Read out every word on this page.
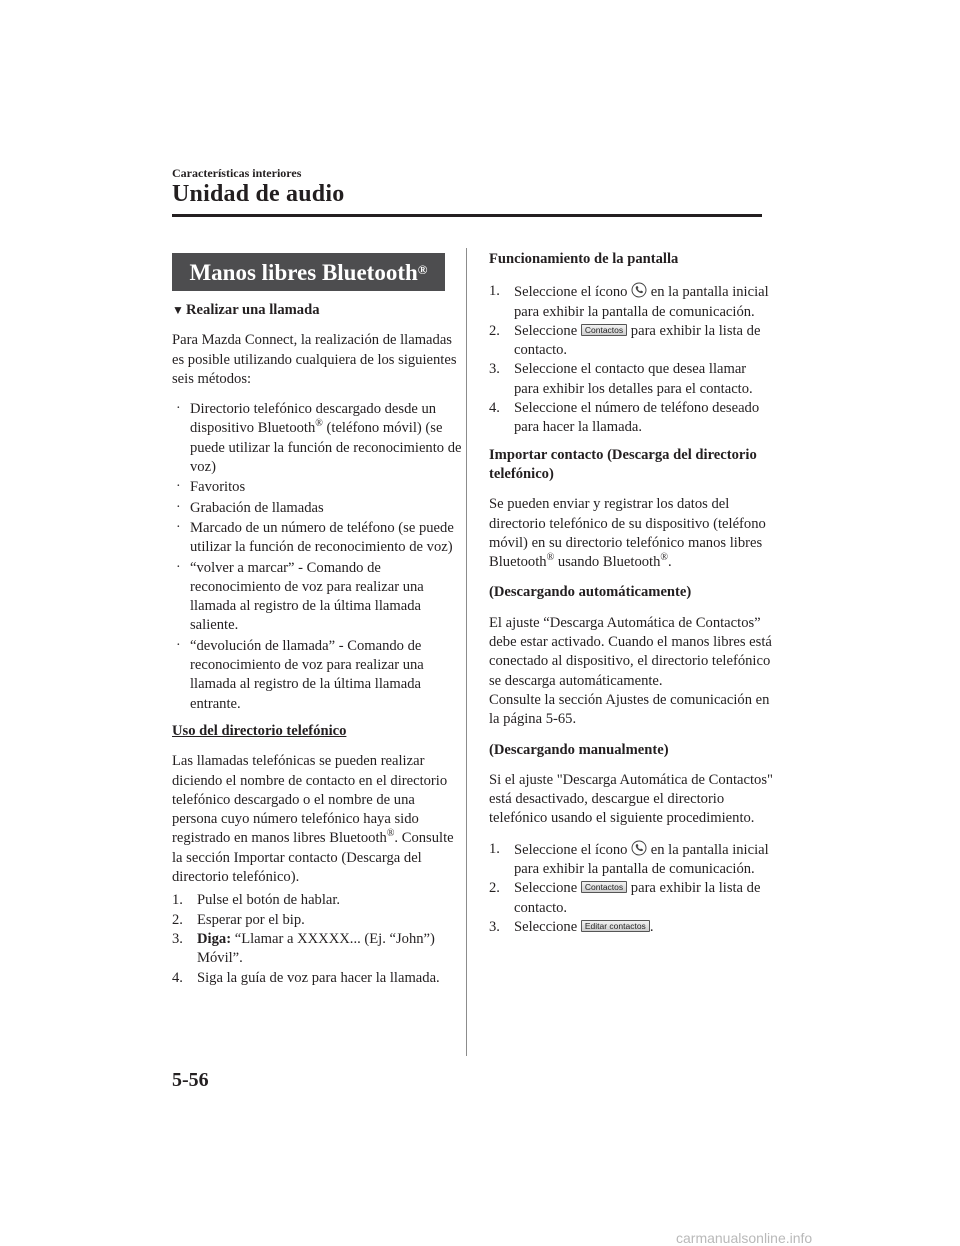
Características interiores
Unidad de audio
Manos libres Bluetooth®
▼ Realizar una llamada

Para Mazda Connect, la realización de llamadas es posible utilizando cualquiera de los siguientes seis métodos:

· Directorio telefónico descargado desde un dispositivo Bluetooth® (teléfono móvil) (se puede utilizar la función de reconocimiento de voz)
· Favoritos
· Grabación de llamadas
· Marcado de un número de teléfono (se puede utilizar la función de reconocimiento de voz)
· “volver a marcar” - Comando de reconocimiento de voz para realizar una llamada al registro de la última llamada saliente.
· “devolución de llamada” - Comando de reconocimiento de voz para realizar una llamada al registro de la última llamada entrante.
Uso del directorio telefónico

Las llamadas telefónicas se pueden realizar diciendo el nombre de contacto en el directorio telefónico descargado o el nombre de una persona cuyo número telefónico haya sido registrado en manos libres Bluetooth®. Consulte la sección Importar contacto (Descarga del directorio telefónico).

1. Pulse el botón de hablar.
2. Esperar por el bip.
3. Diga: “Llamar a XXXXX... (Ej. “John”) Móvil”.
4. Siga la guía de voz para hacer la llamada.
Funcionamiento de la pantalla
1. Seleccione el ícono  en la pantalla inicial para exhibir la pantalla de comunicación.
2. Seleccione Contactos para exhibir la lista de contacto.
3. Seleccione el contacto que desea llamar para exhibir los detalles para el contacto.
4. Seleccione el número de teléfono deseado para hacer la llamada.
Importar contacto (Descarga del directorio telefónico)

Se pueden enviar y registrar los datos del directorio telefónico de su dispositivo (teléfono móvil) en su directorio telefónico manos libres Bluetooth® usando Bluetooth®.

(Descargando automáticamente)

El ajuste “Descarga Automática de Contactos” debe estar activado. Cuando el manos libres está conectado al dispositivo, el directorio telefónico se descarga automáticamente.

Consulte la sección Ajustes de comunicación en la página 5-65.

(Descargando manualmente)

Si el ajuste "Descarga Automática de Contactos" está desactivado, descargue el directorio telefónico usando el siguiente procedimiento.

1. Seleccione el ícono  en la pantalla inicial para exhibir la pantalla de comunicación.
2. Seleccione Contactos para exhibir la lista de contacto.
3. Seleccione Editar contactos .
5-56
carmanualsonline.info
